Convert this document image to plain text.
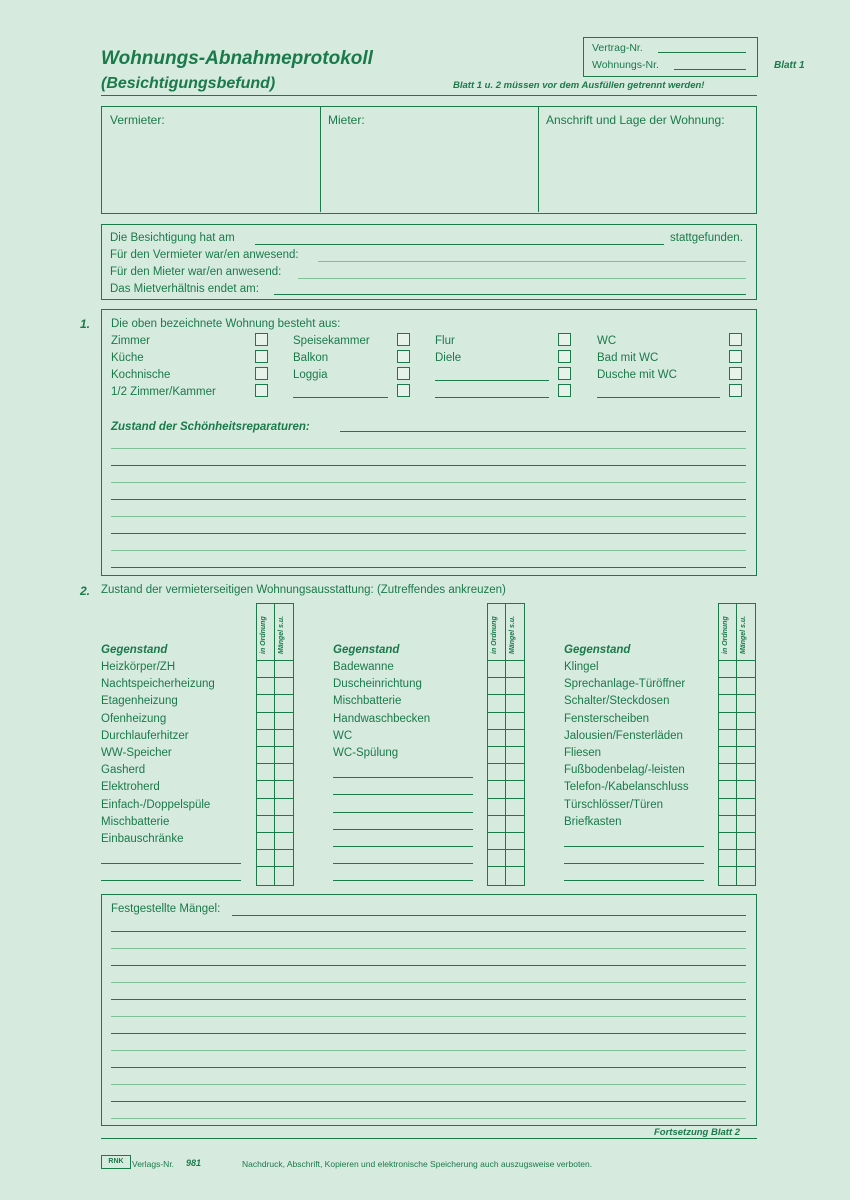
Wohnungs-Abnahmeprotokoll
(Besichtigungsbefund)
Vertrag-Nr.
Wohnungs-Nr.	Blatt 1
Blatt 1 u. 2 müssen vor dem Ausfüllen getrennt werden!
Vermieter:	Mieter:	Anschrift und Lage der Wohnung:
Die Besichtigung hat am	stattgefunden.
Für den Vermieter war/en anwesend:
Für den Mieter war/en anwesend:
Das Mietverhältnis endet am:
1. Die oben bezeichnete Wohnung besteht aus:
Zimmer
Küche
Kochnische
1/2 Zimmer/Kammer
Speisekammer
Balkon
Loggia
Flur
Diele
WC
Bad mit WC
Dusche mit WC
Zustand der Schönheitsreparaturen:
2. Zustand der vermieterseitigen Wohnungsausstattung: (Zutreffendes ankreuzen)
Gegenstand	in Ordnung Mängel s.u.
Heizkörper/ZH
Nachtspeicherheizung
Etagenheizung
Ofenheizung
Durchlauferhitzer
WW-Speicher
Gasherd
Elektroherd
Einfach-/Doppelspüle
Mischbatterie
Einbauschränke
Gegenstand	in Ordnung Mängel s.u.
Badewanne
Duscheinrichtung
Mischbatterie
Handwaschbecken
WC
WC-Spülung
Gegenstand	in Ordnung Mängel s.u.
Klingel
Sprechanlage-Türöffner
Schalter/Steckdosen
Fensterscheiben
Jalousien/Fensterläden
Fliesen
Fußbodenbelag/-leisten
Telefon-/Kabelanschluss
Türschlösser/Türen
Briefkasten
Festgestellte Mängel:
Fortsetzung Blatt 2
RNK Verlags-Nr. 981	Nachdruck, Abschrift, Kopieren und elektronische Speicherung auch auszugsweise verboten.
